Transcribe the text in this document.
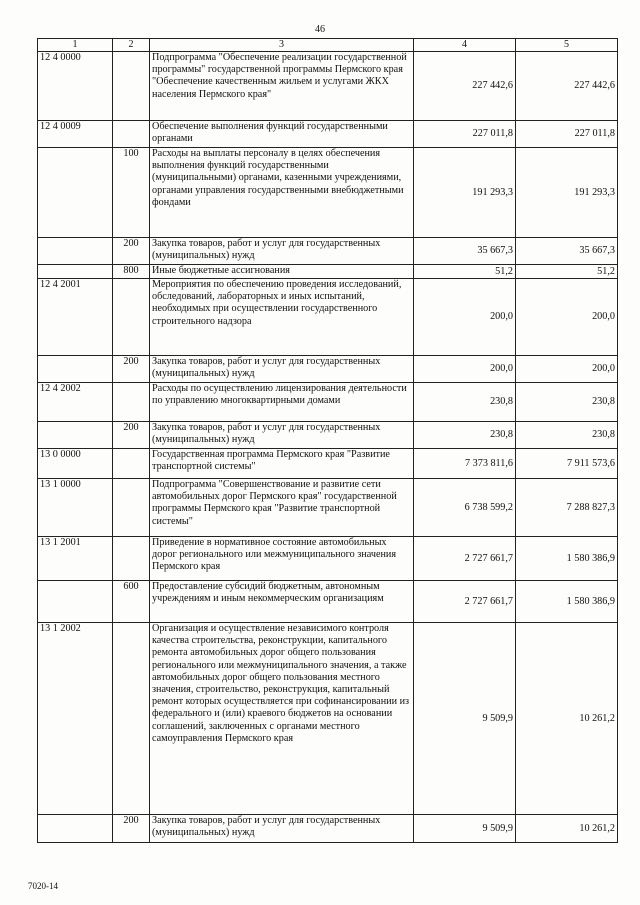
46
1	2	3	4	5
12 4 0000		Подпрограмма "Обеспечение реализации государственной программы" государственной программы Пермского края "Обеспечение качественным жильем и услугами ЖКХ населения Пермского края"	227 442,6	227 442,6
12 4 0009		Обеспечение выполнения функций государственными органами	227 011,8	227 011,8
	100	Расходы на выплаты персоналу в целях обеспечения выполнения функций государственными (муниципальными) органами, казенными учреждениями, органами управления государственными внебюджетными фондами	191 293,3	191 293,3
	200	Закупка товаров, работ и услуг для государственных (муниципальных) нужд	35 667,3	35 667,3
	800	Иные бюджетные ассигнования	51,2	51,2
12 4 2001		Мероприятия по обеспечению проведения исследований, обследований, лабораторных и иных испытаний, необходимых при осуществлении государственного строительного надзора	200,0	200,0
	200	Закупка товаров, работ и услуг для государственных (муниципальных) нужд	200,0	200,0
12 4 2002		Расходы по осуществлению лицензирования деятельности по управлению многоквартирными домами	230,8	230,8
	200	Закупка товаров, работ и услуг для государственных (муниципальных) нужд	230,8	230,8
13 0 0000		Государственная программа Пермского края "Развитие транспортной системы"	7 373 811,6	7 911 573,6
13 1 0000		Подпрограмма "Совершенствование и развитие сети автомобильных дорог Пермского края" государственной программы Пермского края "Развитие транспортной системы"	6 738 599,2	7 288 827,3
13 1 2001		Приведение в нормативное состояние автомобильных дорог регионального или межмуниципального значения Пермского края	2 727 661,7	1 580 386,9
	600	Предоставление субсидий бюджетным, автономным учреждениям и иным некоммерческим организациям	2 727 661,7	1 580 386,9
13 1 2002		Организация и осуществление независимого контроля качества строительства, реконструкции, капитального ремонта автомобильных дорог общего пользования регионального или межмуниципального значения, а также автомобильных дорог общего пользования местного значения, строительство, реконструкция, капитальный ремонт которых осуществляется при софинансировании из федерального и (или) краевого бюджетов на основании соглашений, заключенных с органами местного самоуправления Пермского края	9 509,9	10 261,2
	200	Закупка товаров, работ и услуг для государственных (муниципальных) нужд	9 509,9	10 261,2
7020-14
